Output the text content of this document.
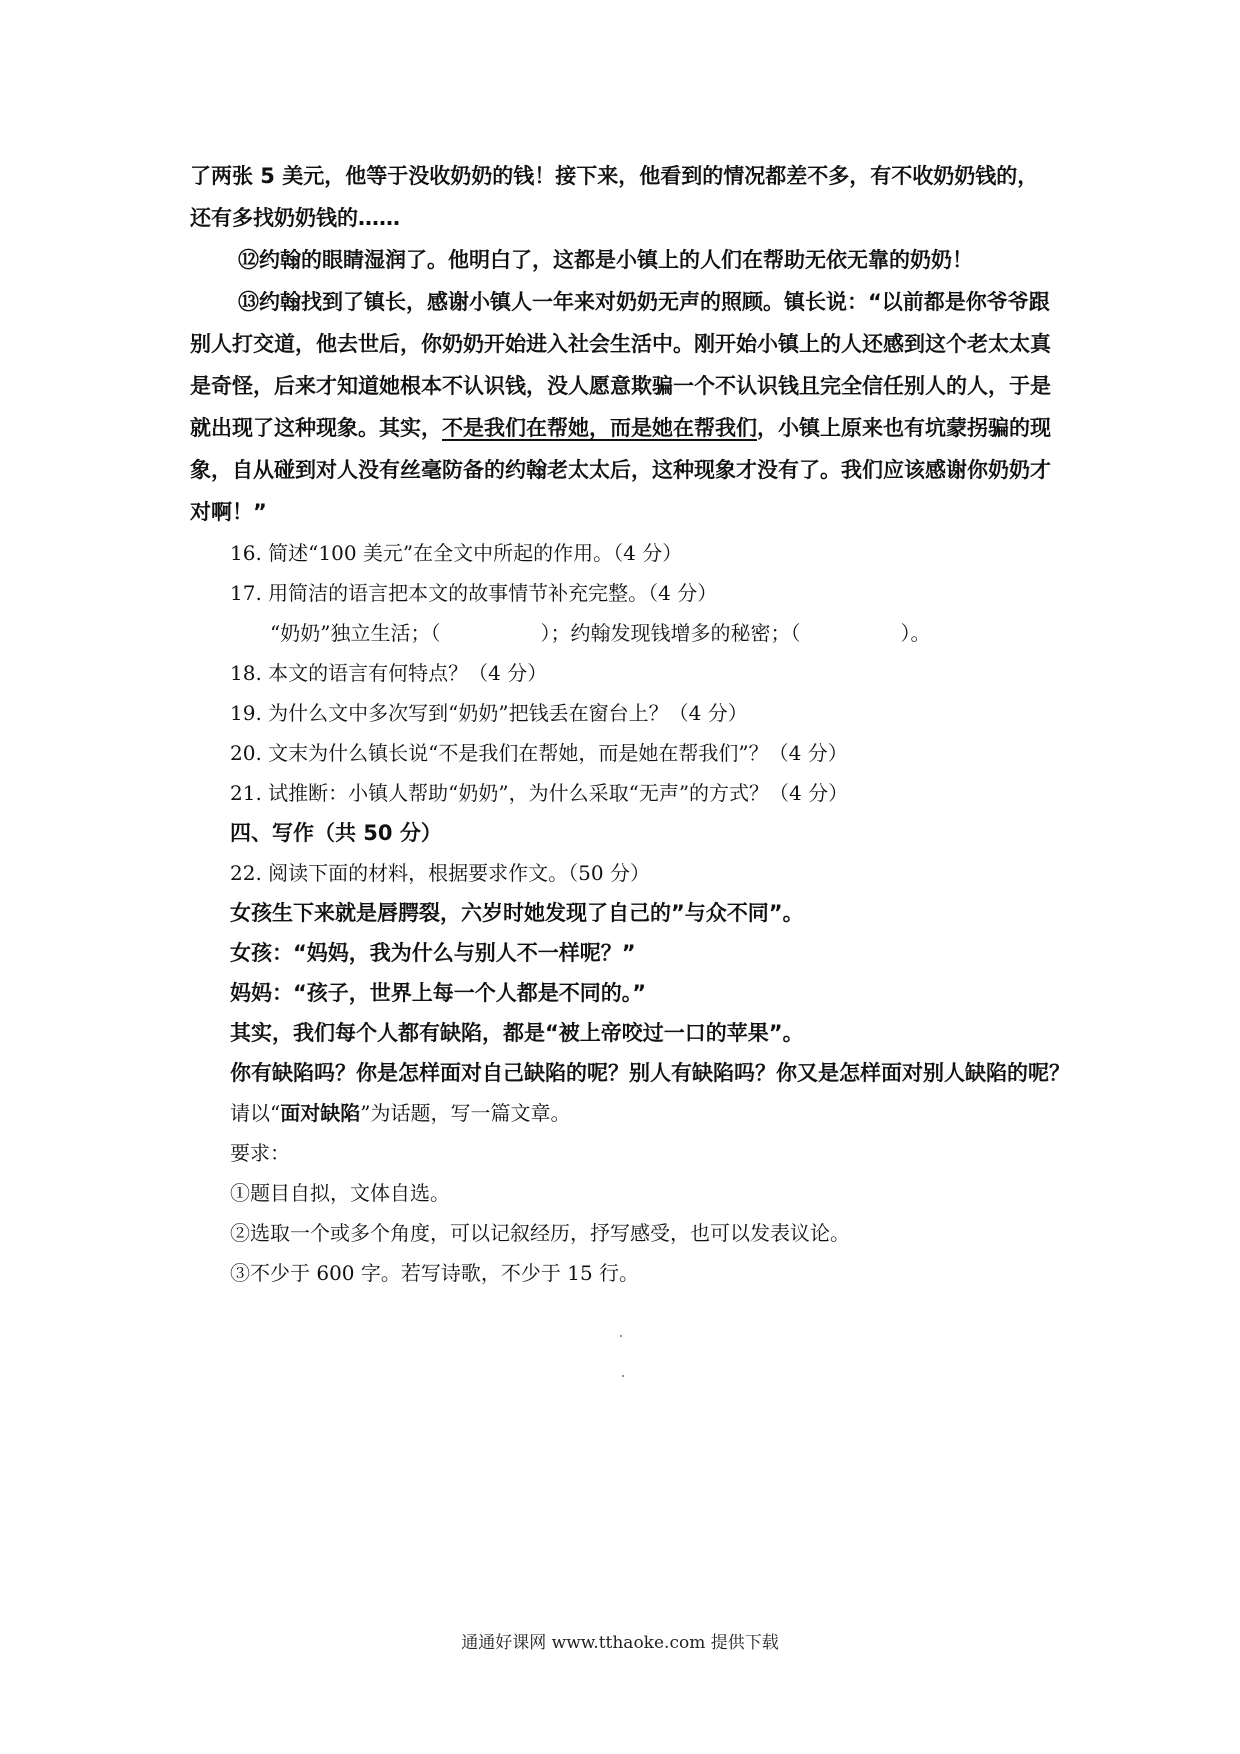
了两张 5 美元，他等于没收奶奶的钱！接下来，他看到的情况都差不多，有不收奶奶钱的，
还有多找奶奶钱的……

⑫约翰的眼睛湿润了。他明白了，这都是小镇上的人们在帮助无依无靠的奶奶！

⑬约翰找到了镇长，感谢小镇人一年来对奶奶无声的照顾。镇长说：“以前都是你爷爷跟别人打交道，他去世后，你奶奶开始进入社会生活中。刚开始小镇上的人还感到这个老太太真是奇怪，后来才知道她根本不认识钱，没人愿意欺骗一个不认识钱且完全信任别人的人，于是就出现了这种现象。其实，不是我们在帮她，而是她在帮我们，小镇上原来也有坑蒙拐骗的现象，自从碰到对人没有丝毫防备的约翰老太太后，这种现象才没有了。我们应该感谢你奶奶才对啊！”

16. 简述“100 美元”在全文中所起的作用。（4 分）

17. 用简洁的语言把本文的故事情节补充完整。（4 分）

“奶奶”独立生活；（　　　　　）；约翰发现钱增多的秘密；（　　　　　）。

18. 本文的语言有何特点？（4 分）

19. 为什么文中多次写到“奶奶”把钱丢在窗台上？（4 分）

20. 文末为什么镇长说“不是我们在帮她，而是她在帮我们”？（4 分）

21. 试推断：小镇人帮助“奶奶”，为什么采取“无声”的方式？（4 分）

四、写作（共 50 分）

22. 阅读下面的材料，根据要求作文。（50 分）

女孩生下来就是唇腭裂，六岁时她发现了自己的”与众不同”。

女孩：“妈妈，我为什么与别人不一样呢？”

妈妈：“孩子，世界上每一个人都是不同的。”

其实，我们每个人都有缺陷，都是“被上帝咬过一口的苹果”。

你有缺陷吗？你是怎样面对自己缺陷的呢？别人有缺陷吗？你又是怎样面对别人缺陷的呢？

请以“面对缺陷”为话题，写一篇文章。

要求：

①题目自拟，文体自选。

②选取一个或多个角度，可以记叙经历，抒写感受，也可以发表议论。

③不少于 600 字。若写诗歌，不少于 15 行。

通通好课网 www.tthaoke.com 提供下载
